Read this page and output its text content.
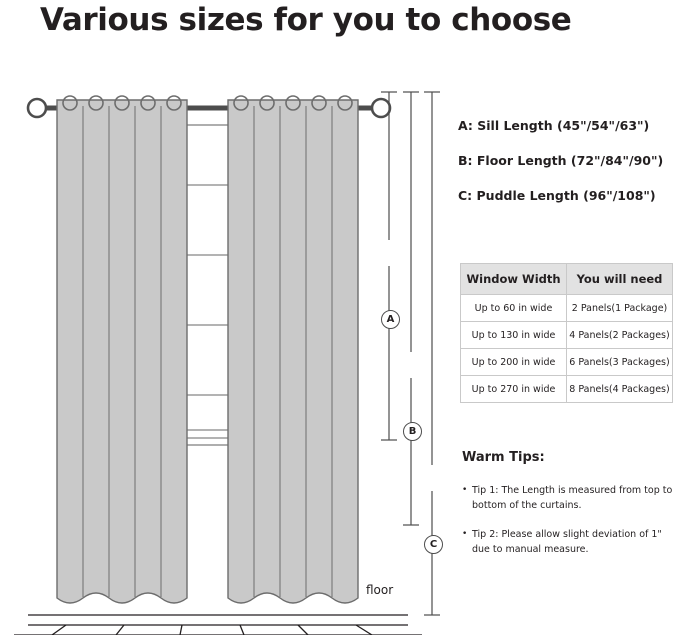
Various sizes for you to choose
A
B
C
floor
A: Sill Length (45"/54"/63")
B: Floor Length (72"/84"/90")
C: Puddle Length (96"/108")
Window Width	You will need
Up to 60 in wide	2 Panels(1 Package)
Up to 130 in wide	4 Panels(2 Packages)
Up to 200 in wide	6 Panels(3 Packages)
Up to 270 in wide	8 Panels(4 Packages)
Warm Tips:
• Tip 1: The Length is measured from top to bottom of the curtains.
• Tip 2: Please allow slight deviation of 1" due to manual measure.
